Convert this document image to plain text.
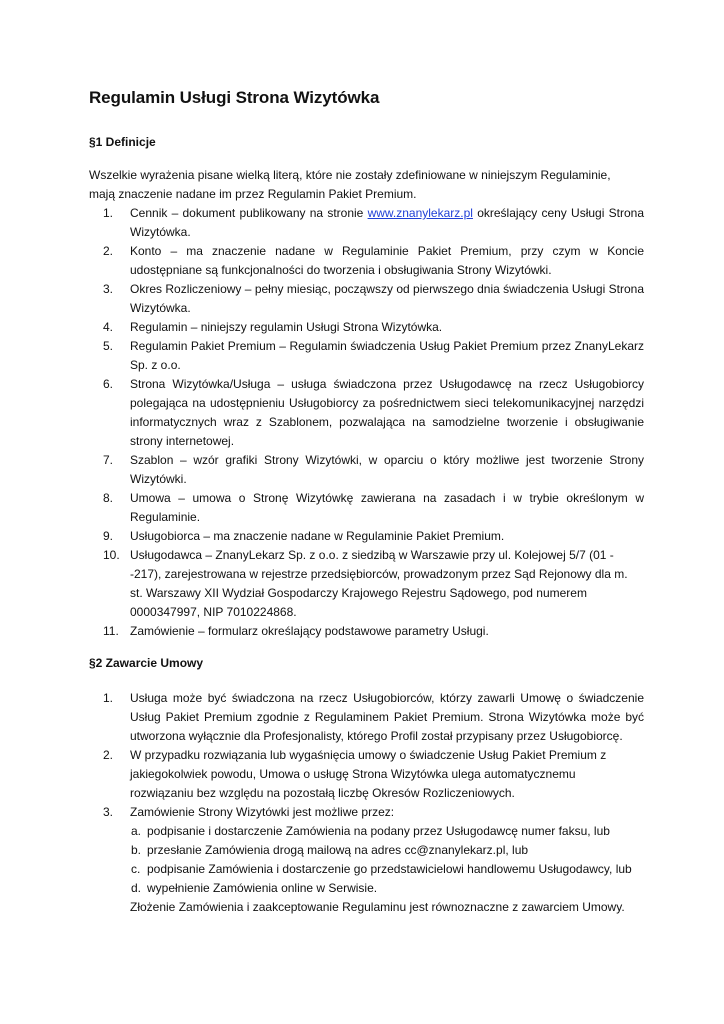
Regulamin Usługi Strona Wizytówka
§1 Definicje
Wszelkie wyrażenia pisane wielką literą, które nie zostały zdefiniowane w niniejszym Regulaminie,
mają znaczenie nadane im przez Regulamin Pakiet Premium.
1.	Cennik – dokument publikowany na stronie www.znanylekarz.pl określający ceny Usługi Strona Wizytówka.
2.	Konto – ma znaczenie nadane w Regulaminie Pakiet Premium, przy czym w Koncie udostępniane są funkcjonalności do tworzenia i obsługiwania Strony Wizytówki.
3.	Okres Rozliczeniowy – pełny miesiąc, począwszy od pierwszego dnia świadczenia Usługi Strona Wizytówka.
4.	Regulamin – niniejszy regulamin Usługi Strona Wizytówka.
5.	Regulamin Pakiet Premium – Regulamin świadczenia Usług Pakiet Premium przez ZnanyLekarz Sp. z o.o.
6.	Strona Wizytówka/Usługa – usługa świadczona przez Usługodawcę na rzecz Usługobiorcy polegająca na udostępnieniu Usługobiorcy za pośrednictwem sieci telekomunikacyjnej narzędzi informatycznych wraz z Szablonem, pozwalająca na samodzielne tworzenie i obsługiwanie strony internetowej.
7.	Szablon – wzór grafiki Strony Wizytówki, w oparciu o który możliwe jest tworzenie Strony Wizytówki.
8.	Umowa – umowa o Stronę Wizytówkę zawierana na zasadach i w trybie określonym w Regulaminie.
9.	Usługobiorca – ma znaczenie nadane w Regulaminie Pakiet Premium.
10. Usługodawca – ZnanyLekarz Sp. z o.o. z siedzibą w Warszawie przy ul. Kolejowej 5/7 (01 -
-217), zarejestrowana w rejestrze przedsiębiorców, prowadzonym przez Sąd Rejonowy dla m.
st. Warszawy XII Wydział Gospodarczy Krajowego Rejestru Sądowego, pod numerem
0000347997, NIP 7010224868.
11. Zamówienie – formularz określający podstawowe parametry Usługi.
§2 Zawarcie Umowy
1.	Usługa może być świadczona na rzecz Usługobiorców, którzy zawarli Umowę o świadczenie Usług Pakiet Premium zgodnie z Regulaminem Pakiet Premium. Strona Wizytówka może być utworzona wyłącznie dla Profesjonalisty, którego Profil został przypisany przez Usługobiorcę.
2.	W przypadku rozwiązania lub wygaśnięcia umowy o świadczenie Usług Pakiet Premium z
jakiegokolwiek powodu, Umowa o usługę Strona Wizytówka ulega automatycznemu
rozwiązaniu bez względu na pozostałą liczbę Okresów Rozliczeniowych.
3.	Zamówienie Strony Wizytówki jest możliwe przez:
a. podpisanie i dostarczenie Zamówienia na podany przez Usługodawcę numer faksu, lub
b. przesłanie Zamówienia drogą mailową na adres cc@znanylekarz.pl, lub
c. podpisanie Zamówienia i dostarczenie go przedstawicielowi handlowemu Usługodawcy, lub
d. wypełnienie Zamówienia online w Serwisie.
Złożenie Zamówienia i zaakceptowanie Regulaminu jest równoznaczne z zawarciem Umowy.
